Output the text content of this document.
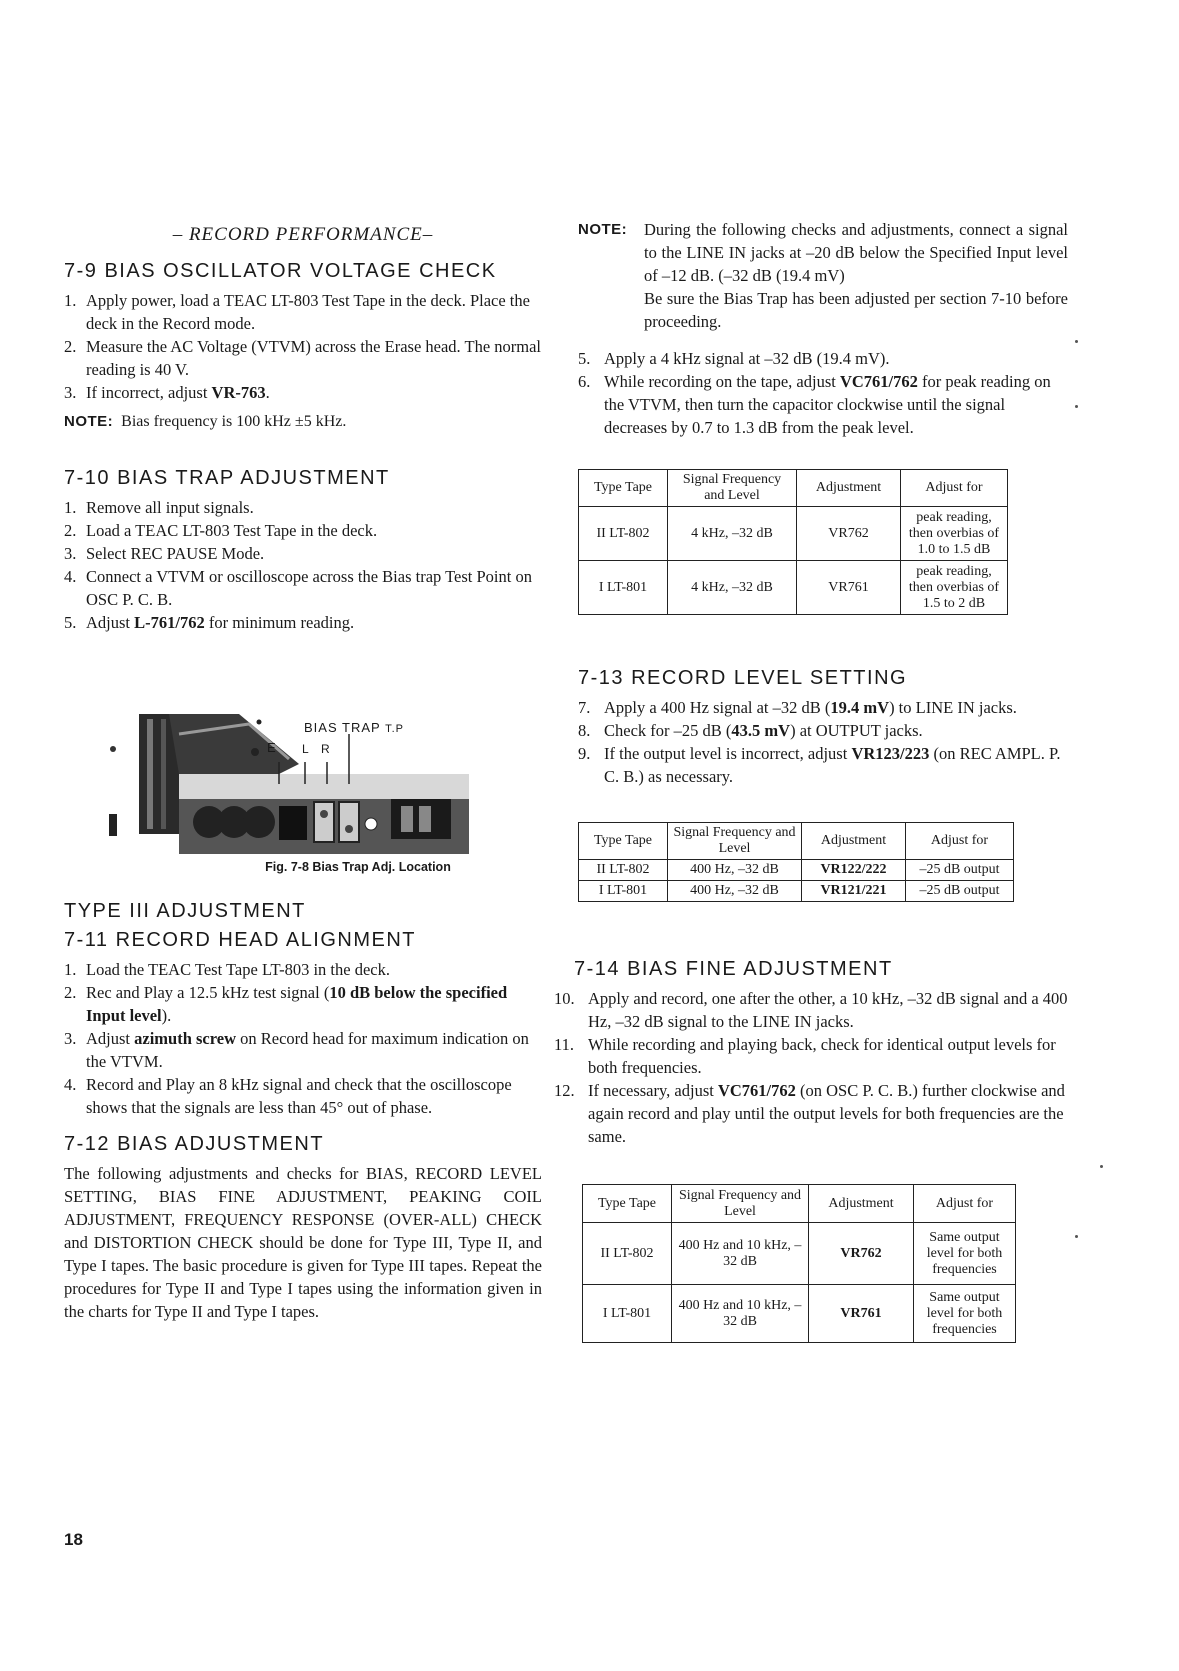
– RECORD PERFORMANCE–
7-9 BIAS OSCILLATOR VOLTAGE CHECK
1. Apply power, load a TEAC LT-803 Test Tape in the deck. Place the deck in the Record mode.
2. Measure the AC Voltage (VTVM) across the Erase head. The normal reading is 40 V.
3. If incorrect, adjust VR-763.
NOTE: Bias frequency is 100 kHz ±5 kHz.
7-10 BIAS TRAP ADJUSTMENT
1. Remove all input signals.
2. Load a TEAC LT-803 Test Tape in the deck.
3. Select REC PAUSE Mode.
4. Connect a VTVM or oscilloscope across the Bias trap Test Point on OSC P. C. B.
5. Adjust L-761/762 for minimum reading.
BIAS TRAP T.P
E L R
Fig. 7-8 Bias Trap Adj. Location
TYPE III ADJUSTMENT
7-11 RECORD HEAD ALIGNMENT
1. Load the TEAC Test Tape LT-803 in the deck.
2. Rec and Play a 12.5 kHz test signal (10 dB below the specified Input level).
3. Adjust azimuth screw on Record head for maximum indication on the VTVM.
4. Record and Play an 8 kHz signal and check that the oscilloscope shows that the signals are less than 45° out of phase.
7-12 BIAS ADJUSTMENT
The following adjustments and checks for BIAS, RECORD LEVEL SETTING, BIAS FINE ADJUSTMENT, PEAKING COIL ADJUSTMENT, FREQUENCY RESPONSE (OVER-ALL) CHECK and DISTORTION CHECK should be done for Type III, Type II, and Type I tapes. The basic procedure is given for Type III tapes. Repeat the procedures for Type II and Type I tapes using the information given in the charts for Type II and Type I tapes.
18
NOTE:	During the following checks and adjustments, connect a signal to the LINE IN jacks at –20 dB below the Specified Input level of –12 dB. (–32 dB (19.4 mV)
Be sure the Bias Trap has been adjusted per section 7-10 before proceeding.
5. Apply a 4 kHz signal at –32 dB (19.4 mV).
6. While recording on the tape, adjust VC761/762 for peak reading on the VTVM, then turn the capacitor clockwise until the signal decreases by 0.7 to 1.3 dB from the peak level.
Type Tape	Signal Frequency and Level	Adjustment	Adjust for
II LT-802	4 kHz, –32 dB	VR762	peak reading, then overbias of 1.0 to 1.5 dB
I LT-801	4 kHz, –32 dB	VR761	peak reading, then overbias of 1.5 to 2 dB
7-13 RECORD LEVEL SETTING
7. Apply a 400 Hz signal at –32 dB (19.4 mV) to LINE IN jacks.
8. Check for –25 dB (43.5 mV) at OUTPUT jacks.
9. If the output level is incorrect, adjust VR123/223 (on REC AMPL. P. C. B.) as necessary.
Type Tape	Signal Frequency and Level	Adjustment	Adjust for
II LT-802	400 Hz, –32 dB	VR122/222	–25 dB output
I LT-801	400 Hz, –32 dB	VR121/221	–25 dB output
7-14 BIAS FINE ADJUSTMENT
10. Apply and record, one after the other, a 10 kHz, –32 dB signal and a 400 Hz, –32 dB signal to the LINE IN jacks.
11. While recording and playing back, check for identical output levels for both frequencies.
12. If necessary, adjust VC761/762 (on OSC P. C. B.) further clockwise and again record and play until the output levels for both frequencies are the same.
Type Tape	Signal Frequency and Level	Adjustment	Adjust for
II LT-802	400 Hz and 10 kHz, –32 dB	VR762	Same output level for both frequencies
I LT-801	400 Hz and 10 kHz, –32 dB	VR761	Same output level for both frequencies
